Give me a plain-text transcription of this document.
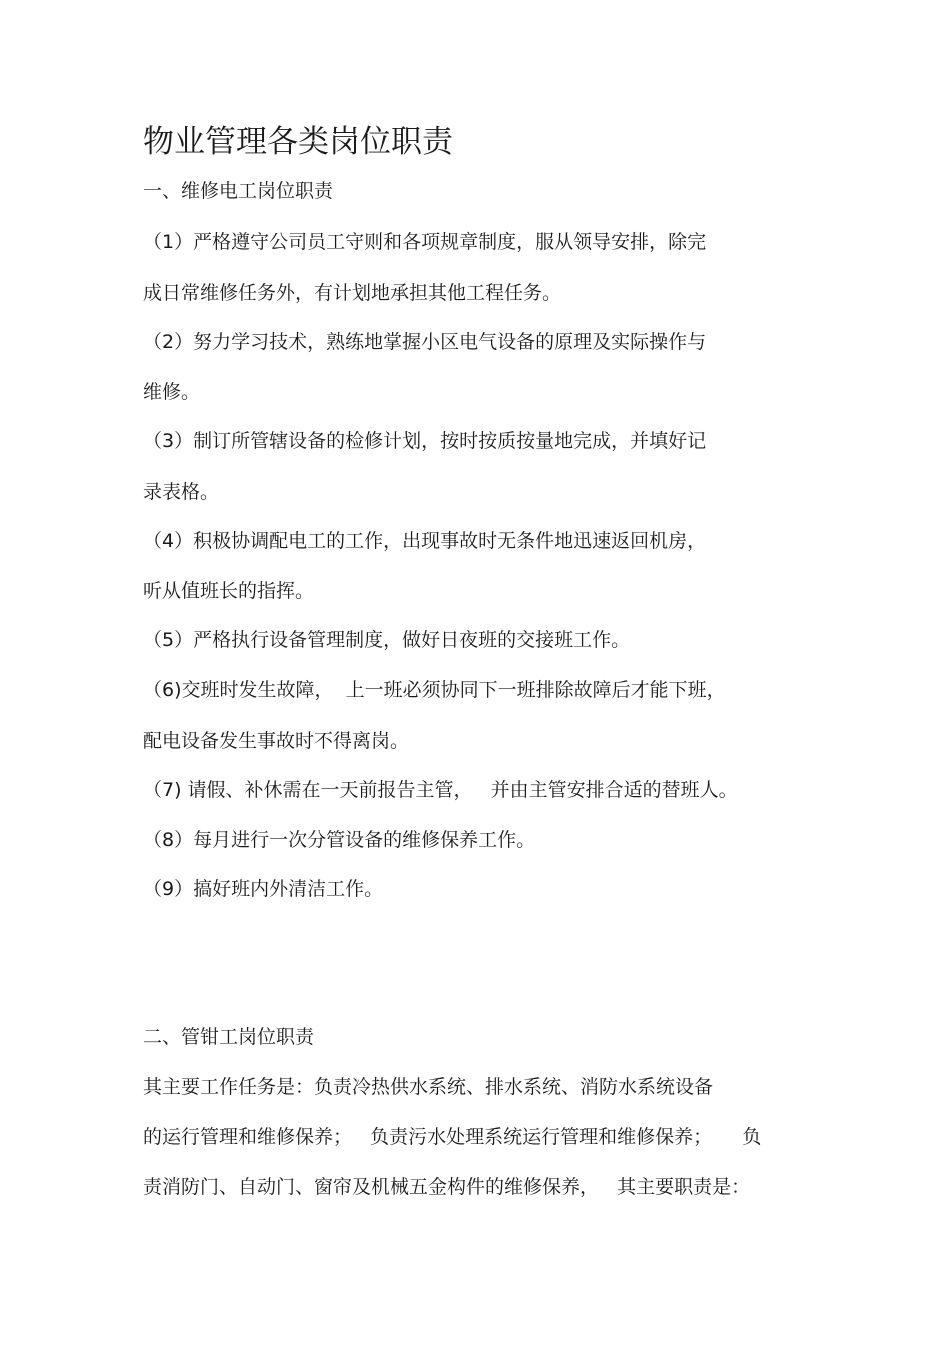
物业管理各类岗位职责

一、维修电工岗位职责

（1）严格遵守公司员工守则和各项规章制度，服从领导安排，除完

成日常维修任务外，有计划地承担其他工程任务。

（2）努力学习技术，熟练地掌握小区电气设备的原理及实际操作与

维修。

（3）制订所管辖设备的检修计划，按时按质按量地完成，并填好记

录表格。

（4）积极协调配电工的工作，出现事故时无条件地迅速返回机房，

听从值班长的指挥。

（5）严格执行设备管理制度，做好日夜班的交接班工作。

（6)交班时发生故障，  上一班必须协同下一班排除故障后才能下班，

配电设备发生事故时不得离岗。

（7) 请假、补休需在一天前报告主管，   并由主管安排合适的替班人。

（8）每月进行一次分管设备的维修保养工作。

（9）搞好班内外清洁工作。

二、管钳工岗位职责

其主要工作任务是：负责冷热供水系统、排水系统、消防水系统设备

的运行管理和维修保养；   负责污水处理系统运行管理和维修保养；     负

责消防门、自动门、窗帘及机械五金构件的维修保养，   其主要职责是：
